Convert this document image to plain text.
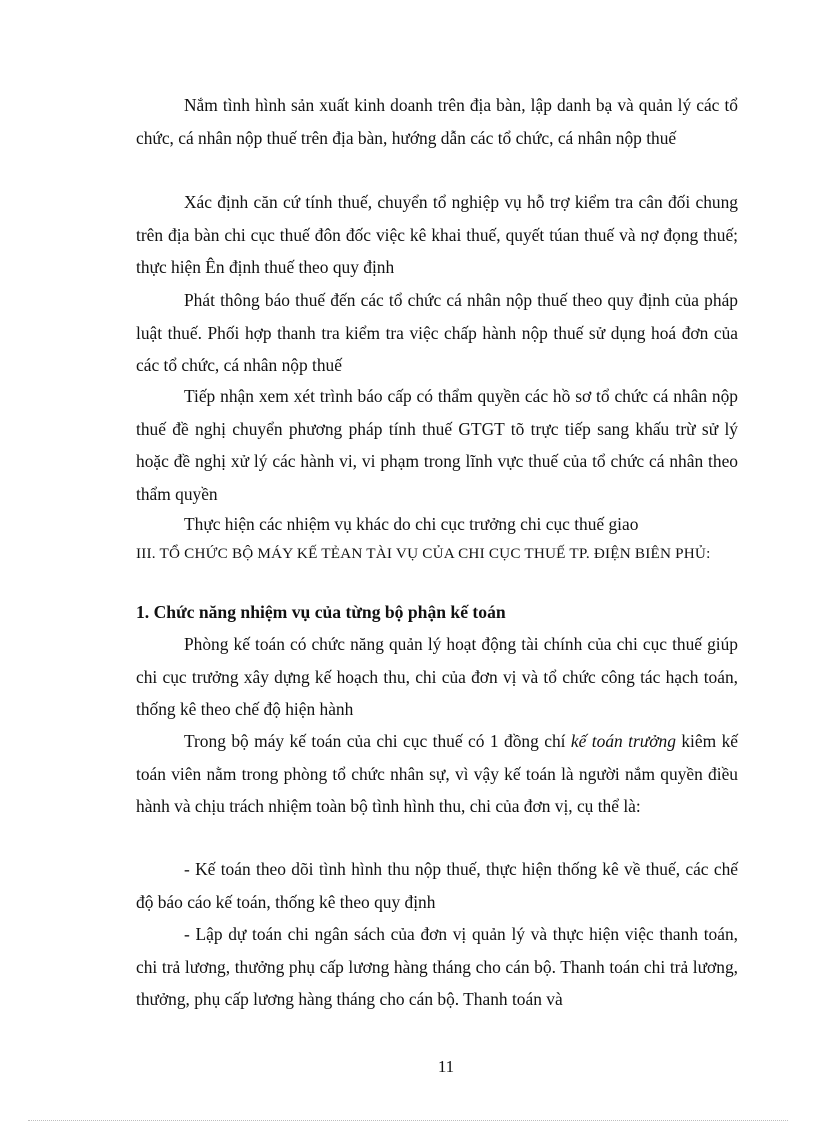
Nắm tình hình sản xuất kinh doanh trên địa bàn, lập danh bạ và quản lý các tổ chức, cá nhân nộp thuế trên địa bàn, hướng dẫn các tổ chức, cá nhân nộp thuế

Xác định căn cứ tính thuế, chuyển tổ nghiệp vụ hỗ trợ kiểm tra cân đối chung trên địa bàn chi cục thuế đôn đốc việc kê khai thuế, quyết túan thuế và nợ đọng thuế; thực hiện Ên định thuế theo quy định

Phát thông báo thuế đến các tổ chức cá nhân nộp thuế theo quy định của pháp luật thuế. Phối hợp thanh tra kiểm tra việc chấp hành nộp thuế sử dụng hoá đơn của các tổ chức, cá nhân nộp thuế

Tiếp nhận xem xét trình báo cấp có thẩm quyền các hồ sơ tổ chức cá nhân nộp thuế đề nghị chuyển phương pháp tính thuế GTGT tõ trực tiếp sang khấu trừ sử lý hoặc đề nghị xử lý các hành vi, vi phạm trong lĩnh vực thuế của tổ chức cá nhân theo thẩm quyền

Thực hiện các nhiệm vụ khác do chi cục trưởng chi cục thuế giao

III. TỔ CHỨC BỘ MÁY KẾ TẺAN TÀI VỤ CỦA CHI CỤC THUẾ TP. ĐIỆN BIÊN PHỦ:

1. Chức năng nhiệm vụ của từng bộ phận kế toán

Phòng kế toán có chức năng quản lý hoạt động tài chính của chi cục thuế giúp chi cục trưởng xây dựng kế hoạch thu, chi của đơn vị và tổ chức công tác hạch toán, thống kê theo chế độ hiện hành

Trong bộ máy kế toán của chi cục thuế có 1 đồng chí kế toán trưởng kiêm kế toán viên nằm trong phòng tổ chức nhân sự, vì vậy kế toán là người nắm quyền điều hành và chịu trách nhiệm toàn bộ tình hình thu, chi của đơn vị, cụ thể là:

- Kế toán theo dõi tình hình thu nộp thuế, thực hiện thống kê về thuế, các chế độ báo cáo kế toán, thống kê theo quy định

- Lập dự toán chi ngân sách của đơn vị quản lý và thực hiện việc thanh toán, chi trả lương, thưởng phụ cấp lương hàng tháng cho cán bộ. Thanh toán chi trả lương, thưởng, phụ cấp lương hàng tháng cho cán bộ. Thanh toán và

11
